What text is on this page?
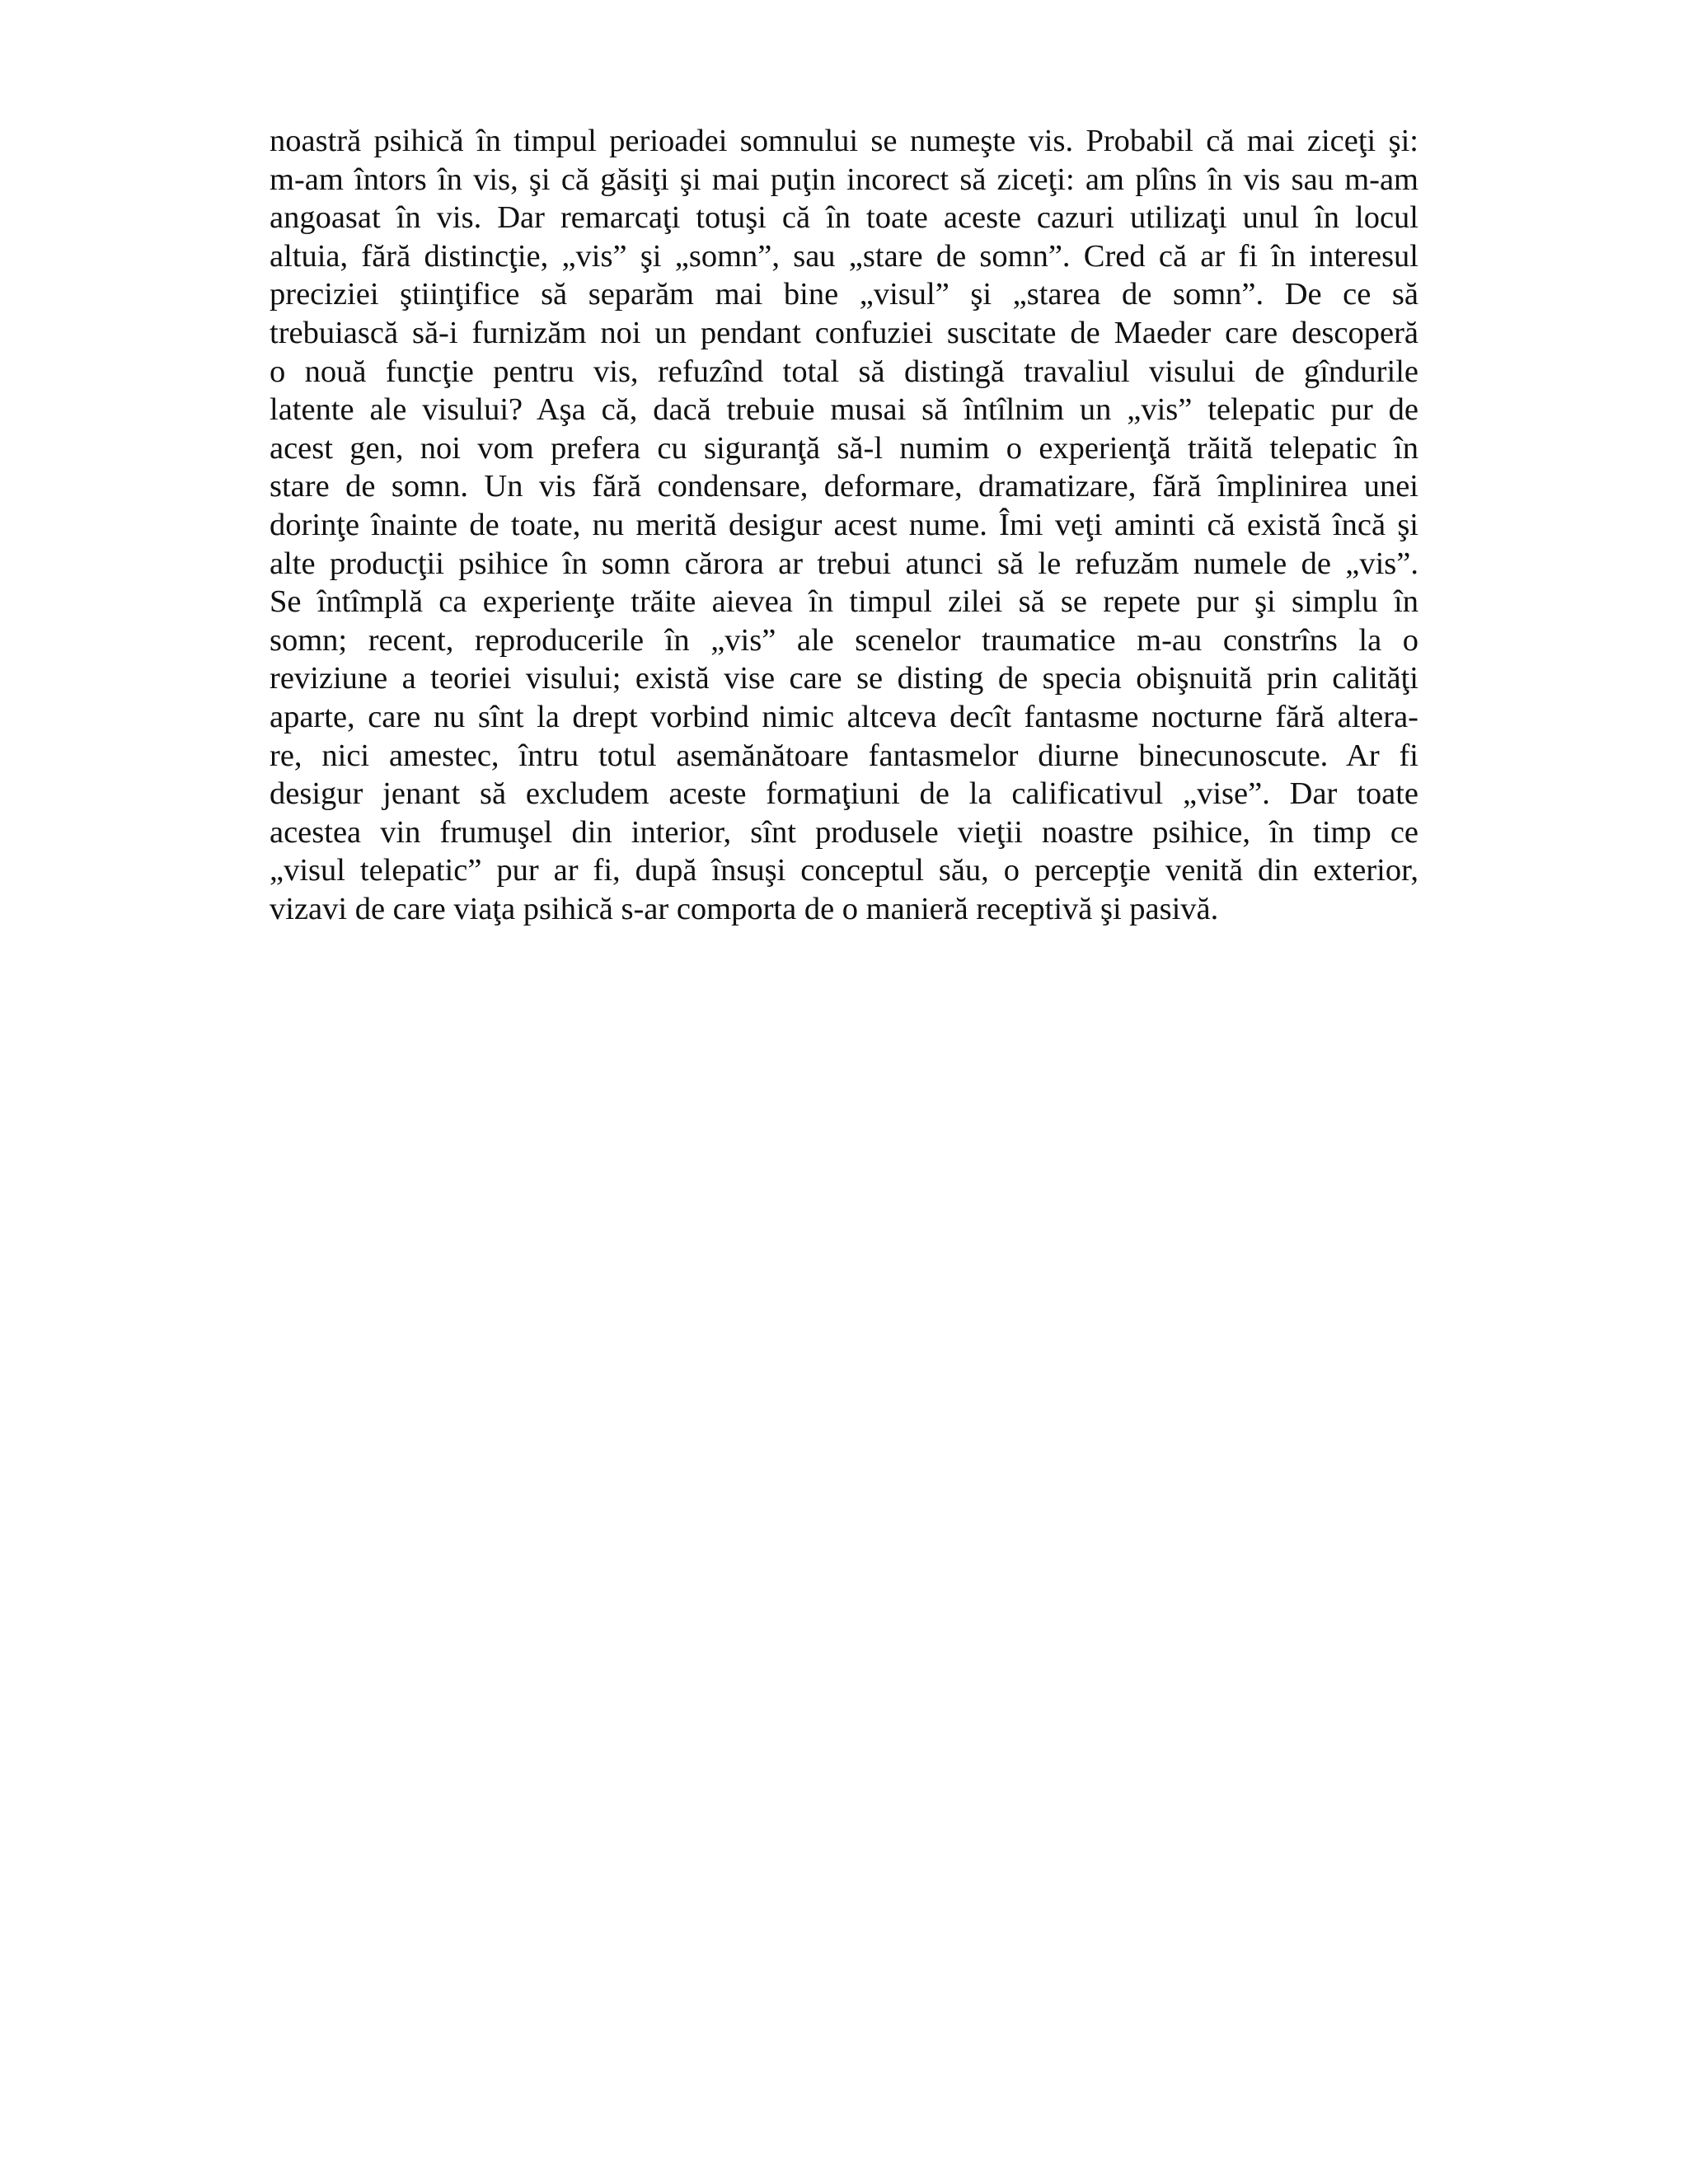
noastră psihică în timpul perioadei somnului se numeşte vis. Probabil că mai ziceţi şi:
m-am întors în vis, şi că găsiţi şi mai puţin incorect să ziceţi: am plîns în vis sau m-am
angoasat în vis. Dar remarcaţi totuşi că în toate aceste cazuri utilizaţi unul în locul
altuia, fără distincţie, „vis” şi „somn”, sau „stare de somn”. Cred că ar fi în interesul
preciziei ştiinţifice să separăm mai bine „visul” şi „starea de somn”. De ce să
trebuiască să-i furnizăm noi un pendant confuziei suscitate de Maeder care descoperă
o nouă funcţie pentru vis, refuzînd total să distingă travaliul visului de gîndurile
latente ale visului? Aşa că, dacă trebuie musai să întîlnim un „vis” telepatic pur de
acest gen, noi vom prefera cu siguranţă să-l numim o experienţă trăită telepatic în
stare de somn. Un vis fără condensare, deformare, dramatizare, fără împlinirea unei
dorinţe înainte de toate, nu merită desigur acest nume. Îmi veţi aminti că există încă şi
alte producţii psihice în somn cărora ar trebui atunci să le refuzăm numele de „vis”.
Se întîmplă ca experienţe trăite aievea în timpul zilei să se repete pur şi simplu în
somn; recent, reproducerile în „vis” ale scenelor traumatice m-au constrîns la o
reviziune a teoriei visului; există vise care se disting de specia obişnuită prin calităţi
aparte, care nu sînt la drept vorbind nimic altceva decît fantasme nocturne fără altera-
re, nici amestec, întru totul asemănătoare fantasmelor diurne binecunoscute. Ar fi
desigur jenant să excludem aceste formaţiuni de la calificativul „vise”. Dar toate
acestea vin frumuşel din interior, sînt produsele vieţii noastre psihice, în timp ce
„visul telepatic” pur ar fi, după însuşi conceptul său, o percepţie venită din exterior,
vizavi de care viaţa psihică s-ar comporta de o manieră receptivă şi pasivă.
